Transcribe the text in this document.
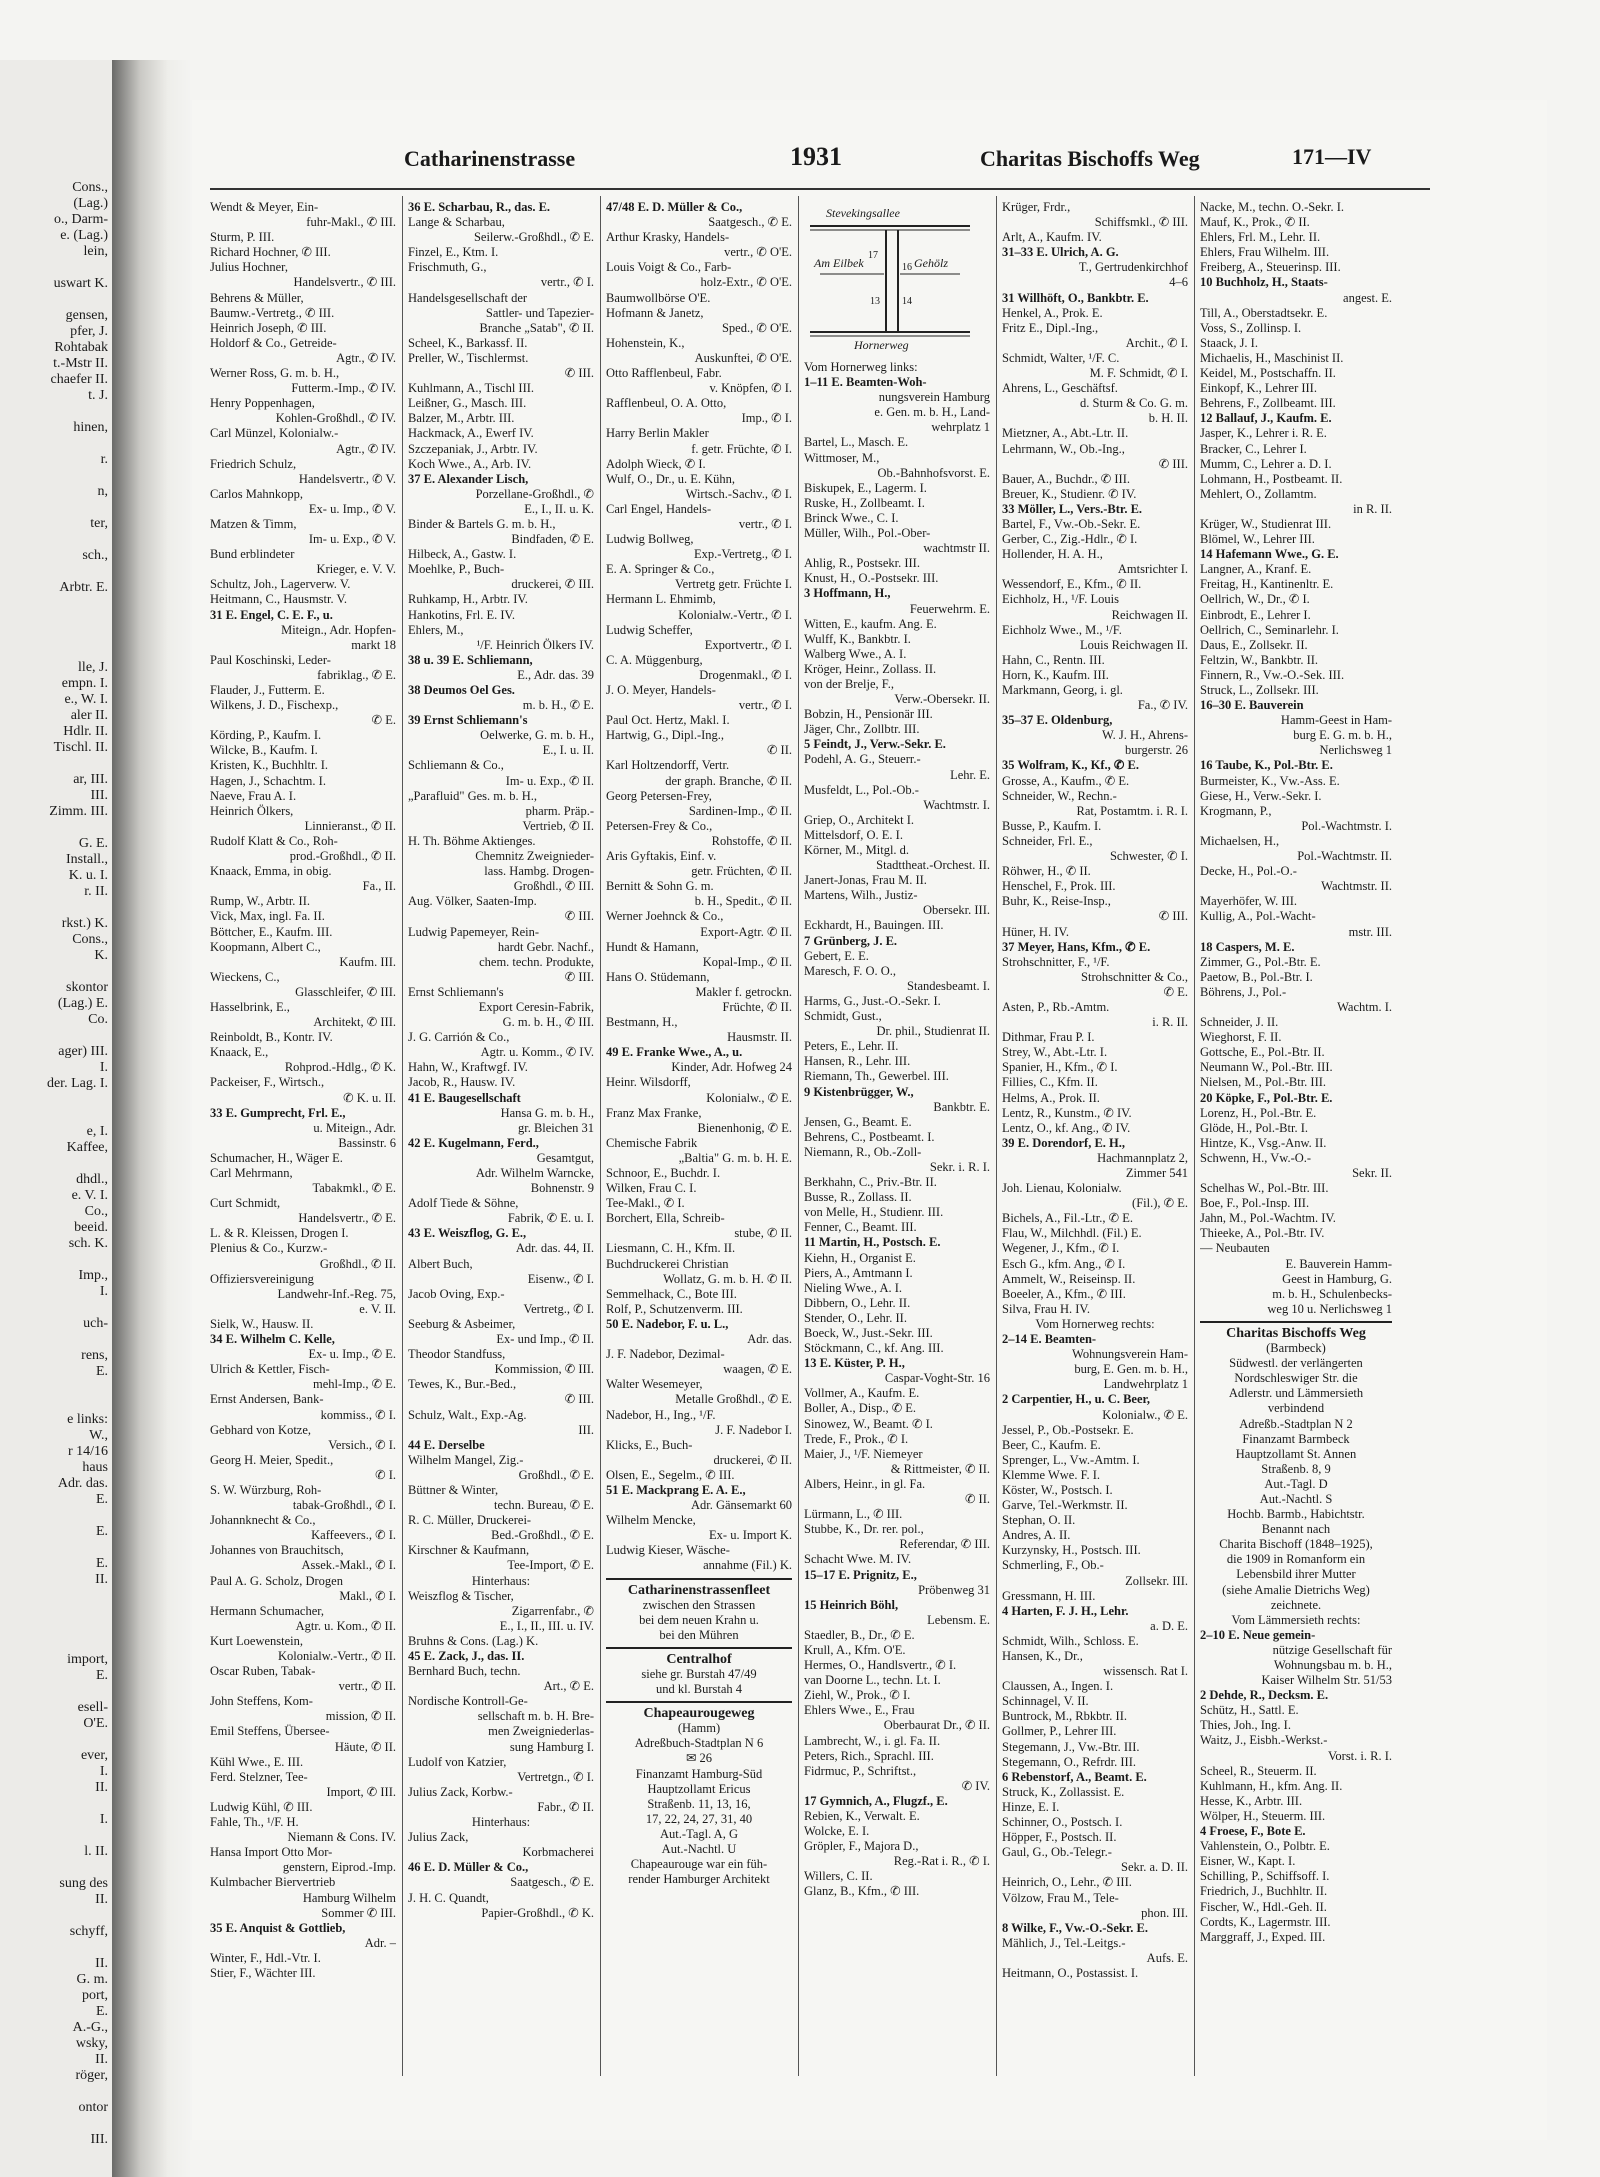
Cons.,
(Lag.)
o., Darm-
e. (Lag.)
lein,
uswart K.
gensen,
pfer, J.
Rohtabak
t.-Mstr II.
chaefer II.
t. J.
hinen,
r.
n,
ter,
sch.,
Arbtr. E.
lle, J.
empn. I.
e., W. I.
aler II.
Hdlr. II.
Tischl. II.
ar, III.
III.
Zimm. III.
G. E.
Install.,
K. u. I.
r. II.
rkst.) K.
Cons.,
K.
skontor
(Lag.) E.
Co.
ager) III.
I.
der. Lag. I.
e, I.
Kaffee,
dhdl.,
e. V. I.
Co.,
beeid.
sch. K.
Imp.,
I.
uch-
rens,
E.
e links:
W.,
r 14/16
haus
Adr. das.
E.
E.
E.
II.
import,
E.
esell-
O'E.
ever,
I.
II.
I.
l. II.
sung des
II.
schyff,
II.
G. m.
port,
E.
A.-G.,
wsky,
II.
röger,
ontor
III.
Catharinenstrasse	1931	Charitas Bischoffs Weg	171—IV
Wendt & Meyer, Ein-
fuhr-Makl., ✆ III.
Sturm, P. III.
Richard Hochner, ✆ III.
Julius Hochner,
Handelsvertr., ✆ III.
Behrens & Müller,
Baumw.-Vertretg., ✆ III.
Heinrich Joseph, ✆ III.
Holdorf & Co., Getreide-
Agtr., ✆ IV.
Werner Ross, G. m. b. H.,
Futterm.-Imp., ✆ IV.
Henry Poppenhagen,
Kohlen-Großhdl., ✆ IV.
Carl Münzel, Kolonialw.-
Agtr., ✆ IV.
Friedrich Schulz,
Handelsvertr., ✆ V.
Carlos Mahnkopp,
Ex- u. Imp., ✆ V.
Matzen & Timm,
Im- u. Exp., ✆ V.
Bund erblindeter
Krieger, e. V. V.
Schultz, Joh., Lagerverw. V.
Heitmann, C., Hausmstr. V.
31 E. Engel, C. E. F., u.
Miteign., Adr. Hopfen-
markt 18
Paul Koschinski, Leder-
fabriklag., ✆ E.
Flauder, J., Futterm. E.
Wilkens, J. D., Fischexp.,
✆ E.
Körding, P., Kaufm. I.
Wilcke, B., Kaufm. I.
Kristen, K., Buchhltr. I.
Hagen, J., Schachtm. I.
Naeve, Frau A. I.
Heinrich Ölkers,
Linnieranst., ✆ II.
Rudolf Klatt & Co., Roh-
prod.-Großhdl., ✆ II.
Knaack, Emma, in obig.
Fa., II.
Rump, W., Arbtr. II.
Vick, Max, ingl. Fa. II.
Böttcher, E., Kaufm. III.
Koopmann, Albert C.,
Kaufm. III.
Wieckens, C.,
Glasschleifer, ✆ III.
Hasselbrink, E.,
Architekt, ✆ III.
Reinboldt, B., Kontr. IV.
Knaack, E.,
Rohprod.-Hdlg., ✆ K.
Packeiser, F., Wirtsch.,
✆ K. u. II.
33 E. Gumprecht, Frl. E.,
u. Miteign., Adr.
Bassinstr. 6
Schumacher, H., Wäger E.
Carl Mehrmann,
Tabakmkl., ✆ E.
Curt Schmidt,
Handelsvertr., ✆ E.
L. & R. Kleissen, Drogen I.
Plenius & Co., Kurzw.-
Großhdl., ✆ II.
Offiziersvereinigung
Landwehr-Inf.-Reg. 75,
e. V. II.
Sielk, W., Hausw. II.
34 E. Wilhelm C. Kelle,
Ex- u. Imp., ✆ E.
Ulrich & Kettler, Fisch-
mehl-Imp., ✆ E.
Ernst Andersen, Bank-
kommiss., ✆ I.
Gebhard von Kotze,
Versich., ✆ I.
Georg H. Meier, Spedit.,
✆ I.
S. W. Würzburg, Roh-
tabak-Großhdl., ✆ I.
Johannknecht & Co.,
Kaffeevers., ✆ I.
Johannes von Brauchitsch,
Assek.-Makl., ✆ I.
Paul A. G. Scholz, Drogen
Makl., ✆ I.
Hermann Schumacher,
Agtr. u. Kom., ✆ II.
Kurt Loewenstein,
Kolonialw.-Vertr., ✆ II.
Oscar Ruben, Tabak-
vertr., ✆ II.
John Steffens, Kom-
mission, ✆ II.
Emil Steffens, Übersee-
Häute, ✆ II.
Kühl Wwe., E. III.
Ferd. Stelzner, Tee-
Import, ✆ III.
Ludwig Kühl, ✆ III.
Fahle, Th., ¹/F. H.
Niemann & Cons. IV.
Hansa Import Otto Mor-
genstern, Eiprod.-Imp.
Kulmbacher Biervertrieb
Hamburg Wilhelm
Sommer ✆ III.
35 E. Anquist & Gottlieb,
Adr. –
Winter, F., Hdl.-Vtr. I.
Stier, F., Wächter III.
36 E. Scharbau, R., das. E.
Lange & Scharbau,
Seilerw.-Großhdl., ✆ E.
Finzel, E., Ktm. I.
Frischmuth, G.,
vertr., ✆ I.
Handelsgesellschaft der
Sattler- und Tapezier-
Branche „Satab", ✆ II.
Scheel, K., Barkassf. II.
Preller, W., Tischlermst.
✆ III.
Kuhlmann, A., Tischl III.
Leißner, G., Masch. III.
Balzer, M., Arbtr. III.
Hackmack, A., Ewerf IV.
Szczepaniak, J., Arbtr. IV.
Koch Wwe., A., Arb. IV.
37 E. Alexander Lisch,
Porzellane-Großhdl., ✆
E., I., II. u. K.
Binder & Bartels G. m. b. H.,
Bindfaden, ✆ E.
Hilbeck, A., Gastw. I.
Moehlke, P., Buch-
druckerei, ✆ III.
Ruhkamp, H., Arbtr. IV.
Hankotins, Frl. E. IV.
Ehlers, M.,
¹/F. Heinrich Ölkers IV.
38 u. 39 E. Schliemann,
E., Adr. das. 39
38 Deumos Oel Ges.
m. b. H., ✆ E.
39 Ernst Schliemann's
Oelwerke, G. m. b. H.,
E., I. u. II.
Schliemann & Co.,
Im- u. Exp., ✆ II.
„Parafluid" Ges. m. b. H.,
pharm. Präp.-
Vertrieb, ✆ II.
H. Th. Böhme Aktienges.
Chemnitz Zweignieder-
lass. Hambg. Drogen-
Großhdl., ✆ III.
Aug. Völker, Saaten-Imp.
✆ III.
Ludwig Papemeyer, Rein-
hardt Gebr. Nachf.,
chem. techn. Produkte,
✆ III.
Ernst Schliemann's
Export Ceresin-Fabrik,
G. m. b. H., ✆ III.
J. G. Carrión & Co.,
Agtr. u. Komm., ✆ IV.
Hahn, W., Kraftwgf. IV.
Jacob, R., Hausw. IV.
41 E. Baugesellschaft
Hansa G. m. b. H.,
gr. Bleichen 31
42 E. Kugelmann, Ferd.,
Gesamtgut,
Adr. Wilhelm Warncke,
Bohnenstr. 9
Adolf Tiede & Söhne,
Fabrik, ✆ E. u. I.
43 E. Weiszflog, G. E.,
Adr. das. 44, II.
Albert Buch,
Eisenw., ✆ I.
Jacob Oving, Exp.-
Vertretg., ✆ I.
Seeburg & Asbeimer,
Ex- und Imp., ✆ II.
Theodor Standfuss,
Kommission, ✆ III.
Tewes, K., Bur.-Bed.,
✆ III.
Schulz, Walt., Exp.-Ag.
III.
44 E. Derselbe
Wilhelm Mangel, Zig.-
Großhdl., ✆ E.
Büttner & Winter,
techn. Bureau, ✆ E.
R. C. Müller, Druckerei-
Bed.-Großhdl., ✆ E.
Kirschner & Kaufmann,
Tee-Import, ✆ E.
Hinterhaus:
Weiszflog & Tischer,
Zigarrenfabr., ✆
E., I., II., III. u. IV.
Bruhns & Cons. (Lag.) K.
45 E. Zack, J., das. II.
Bernhard Buch, techn.
Art., ✆ E.
Nordische Kontroll-Ge-
sellschaft m. b. H. Bre-
men Zweigniederlas-
sung Hamburg I.
Ludolf von Katzier,
Vertretgn., ✆ I.
Julius Zack, Korbw.-
Fabr., ✆ II.
Hinterhaus:
Julius Zack,
Korbmacherei
46 E. D. Müller & Co.,
Saatgesch., ✆ E.
J. H. C. Quandt,
Papier-Großhdl., ✆ K.
47/48 E. D. Müller & Co.,
Saatgesch., ✆ E.
Arthur Krasky, Handels-
vertr., ✆ O'E.
Louis Voigt & Co., Farb-
holz-Extr., ✆ O'E.
Baumwollbörse O'E.
Hofmann & Janetz,
Sped., ✆ O'E.
Hohenstein, K.,
Auskunftei, ✆ O'E.
Otto Rafflenbeul, Fabr.
v. Knöpfen, ✆ I.
Rafflenbeul, O. A. Otto,
Imp., ✆ I.
Harry Berlin Makler
f. getr. Früchte, ✆ I.
Adolph Wieck, ✆ I.
Wulf, O., Dr., u. E. Kühn,
Wirtsch.-Sachv., ✆ I.
Carl Engel, Handels-
vertr., ✆ I.
Ludwig Bollweg,
Exp.-Vertretg., ✆ I.
E. A. Springer & Co.,
Vertretg getr. Früchte I.
Hermann L. Ehmimb,
Kolonialw.-Vertr., ✆ I.
Ludwig Scheffer,
Exportvertr., ✆ I.
C. A. Müggenburg,
Drogenmakl., ✆ I.
J. O. Meyer, Handels-
vertr., ✆ I.
Paul Oct. Hertz, Makl. I.
Hartwig, G., Dipl.-Ing.,
✆ II.
Karl Holtzendorff, Vertr.
der graph. Branche, ✆ II.
Georg Petersen-Frey,
Sardinen-Imp., ✆ II.
Petersen-Frey & Co.,
Rohstoffe, ✆ II.
Aris Gyftakis, Einf. v.
getr. Früchten, ✆ II.
Bernitt & Sohn G. m.
b. H., Spedit., ✆ II.
Werner Joehnck & Co.,
Export-Agtr. ✆ II.
Hundt & Hamann,
Kopal-Imp., ✆ II.
Hans O. Stüdemann,
Makler f. getrockn.
Früchte, ✆ II.
Bestmann, H.,
Hausmstr. II.
49 E. Franke Wwe., A., u.
Kinder, Adr. Hofweg 24
Heinr. Wilsdorff,
Kolonialw., ✆ E.
Franz Max Franke,
Bienenhonig, ✆ E.
Chemische Fabrik
„Baltia" G. m. b. H. E.
Schnoor, E., Buchdr. I.
Wilken, Frau C. I.
Tee-Makl., ✆ I.
Borchert, Ella, Schreib-
stube, ✆ II.
Liesmann, C. H., Kfm. II.
Buchdruckerei Christian
Wollatz, G. m. b. H. ✆ II.
Semmelhack, C., Bote III.
Rolf, P., Schutzenverm. III.
50 E. Nadebor, F. u. L.,
Adr. das.
J. F. Nadebor, Dezimal-
waagen, ✆ E.
Walter Wesemeyer,
Metalle Großhdl., ✆ E.
Nadebor, H., Ing., ¹/F.
J. F. Nadebor I.
Klicks, E., Buch-
druckerei, ✆ II.
Olsen, E., Segelm., ✆ III.
51 E. Mackprang E. A. E.,
Adr. Gänsemarkt 60
Wilhelm Mencke,
Ex- u. Import K.
Ludwig Kieser, Wäsche-
annahme (Fil.) K.
Catharinenstrassenfleet
zwischen den Strassen
bei dem neuen Krahn u.
bei den Mühren
Centralhof
siehe gr. Burstah 47/49
und kl. Burstah 4
Chapeaurougeweg
(Hamm)
Adreßbuch-Stadtplan N 6
✉ 26
Finanzamt Hamburg-Süd
Hauptzollamt Ericus
Straßenb. 11, 13, 16,
17, 22, 24, 27, 31, 40
Aut.-Tagl. A, G
Aut.-Nachtl. U
Chapeaurouge war ein füh-
render Hamburger Architekt
Stevekingsallee
Am Eilbek	Gehölz
Hornerweg
17
16
13 14
Vom Hornerweg links:
1–11 E. Beamten-Woh-
nungsverein Hamburg
e. Gen. m. b. H., Land-
wehrplatz 1
Bartel, L., Masch. E.
Wittmoser, M.,
Ob.-Bahnhofsvorst. E.
Biskupek, E., Lagerm. I.
Ruske, H., Zollbeamt. I.
Brinck Wwe., C. I.
Müller, Wilh., Pol.-Ober-
wachtmstr II.
Ahlig, R., Postsekr. III.
Knust, H., O.-Postsekr. III.
3 Hoffmann, H.,
Feuerwehrm. E.
Witten, E., kaufm. Ang. E.
Wulff, K., Bankbtr. I.
Walberg Wwe., A. I.
Kröger, Heinr., Zollass. II.
von der Brelje, F.,
Verw.-Obersekr. II.
Bobzin, H., Pensionär III.
Jäger, Chr., Zollbtr. III.
5 Feindt, J., Verw.-Sekr. E.
Podehl, A. G., Steuerr.-
Lehr. E.
Musfeldt, L., Pol.-Ob.-
Wachtmstr. I.
Griep, O., Architekt I.
Mittelsdorf, O. E. I.
Körner, M., Mitgl. d.
Stadttheat.-Orchest. II.
Janert-Jonas, Frau M. II.
Martens, Wilh., Justiz-
Obersekr. III.
Eckhardt, H., Bauingen. III.
7 Grünberg, J. E.
Gebert, E. E.
Maresch, F. O. O.,
Standesbeamt. I.
Harms, G., Just.-O.-Sekr. I.
Schmidt, Gust.,
Dr. phil., Studienrat II.
Peters, E., Lehr. II.
Hansen, R., Lehr. III.
Riemann, Th., Gewerbel. III.
9 Kistenbrügger, W.,
Bankbtr. E.
Jensen, G., Beamt. E.
Behrens, C., Postbeamt. I.
Niemann, R., Ob.-Zoll-
Sekr. i. R. I.
Berkhahn, C., Priv.-Btr. II.
Busse, R., Zollass. II.
von Melle, H., Studienr. III.
Fenner, C., Beamt. III.
11 Martin, H., Postsch. E.
Kiehn, H., Organist E.
Piers, A., Amtmann I.
Nieling Wwe., A. I.
Dibbern, O., Lehr. II.
Stender, O., Lehr. II.
Boeck, W., Just.-Sekr. III.
Stöckmann, C., kf. Ang. III.
13 E. Küster, P. H.,
Caspar-Voght-Str. 16
Vollmer, A., Kaufm. E.
Boller, A., Disp., ✆ E.
Sinowez, W., Beamt. ✆ I.
Trede, F., Prok., ✆ I.
Maier, J., ¹/F. Niemeyer
& Rittmeister, ✆ II.
Albers, Heinr., in gl. Fa.
✆ II.
Lürmann, L., ✆ III.
Stubbe, K., Dr. rer. pol.,
Referendar, ✆ III.
Schacht Wwe. M. IV.
15–17 E. Prignitz, E.,
Pröbenweg 31
15 Heinrich Böhl,
Lebensm. E.
Staedler, B., Dr., ✆ E.
Krull, A., Kfm. O'E.
Hermes, O., Handlsvertr., ✆ I.
van Doorne L., techn. Lt. I.
Ziehl, W., Prok., ✆ I.
Ehlers Wwe., E., Frau
Oberbaurat Dr., ✆ II.
Lambrecht, W., i. gl. Fa. II.
Peters, Rich., Sprachl. III.
Fidrmuc, P., Schriftst.,
✆ IV.
17 Gymnich, A., Flugzf., E.
Rebien, K., Verwalt. E.
Wolcke, E. I.
Gröpler, F., Majora D.,
Reg.-Rat i. R., ✆ I.
Willers, C. II.
Glanz, B., Kfm., ✆ III.
Krüger, Frdr.,
Schiffsmkl., ✆ III.
Arlt, A., Kaufm. IV.
31–33 E. Ulrich, A. G.
T., Gertrudenkirchhof
4–6
31 Willhöft, O., Bankbtr. E.
Henkel, A., Prok. E.
Fritz E., Dipl.-Ing.,
Archit., ✆ I.
Schmidt, Walter, ¹/F. C.
M. F. Schmidt, ✆ I.
Ahrens, L., Geschäftsf.
d. Sturm & Co. G. m.
b. H. II.
Mietzner, A., Abt.-Ltr. II.
Lehrmann, W., Ob.-Ing.,
✆ III.
Bauer, A., Buchdr., ✆ III.
Breuer, K., Studienr. ✆ IV.
33 Möller, L., Vers.-Btr. E.
Bartel, F., Vw.-Ob.-Sekr. E.
Gerber, C., Zig.-Hdlr., ✆ I.
Hollender, H. A. H.,
Amtsrichter I.
Wessendorf, E., Kfm., ✆ II.
Eichholz, H., ¹/F. Louis
Reichwagen II.
Eichholz Wwe., M., ¹/F.
Louis Reichwagen II.
Hahn, C., Rentn. III.
Horn, K., Kaufm. III.
Markmann, Georg, i. gl.
Fa., ✆ IV.
35–37 E. Oldenburg,
W. J. H., Ahrens-
burgerstr. 26
35 Wolfram, K., Kf., ✆ E.
Grosse, A., Kaufm., ✆ E.
Schneider, W., Rechn.-
Rat, Postamtm. i. R. I.
Busse, P., Kaufm. I.
Schneider, Frl. E.,
Schwester, ✆ I.
Röhwer, H., ✆ II.
Henschel, F., Prok. III.
Buhr, K., Reise-Insp.,
✆ III.
Hüner, H. IV.
37 Meyer, Hans, Kfm., ✆ E.
Strohschnitter, F., ¹/F.
Strohschnitter & Co.,
✆ E.
Asten, P., Rb.-Amtm.
i. R. II.
Dithmar, Frau P. I.
Strey, W., Abt.-Ltr. I.
Spanier, H., Kfm., ✆ I.
Fillies, C., Kfm. II.
Helms, A., Prok. II.
Lentz, R., Kunstm., ✆ IV.
Lentz, O., kf. Ang., ✆ IV.
39 E. Dorendorf, E. H.,
Hachmannplatz 2,
Zimmer 541
Joh. Lienau, Kolonialw.
(Fil.), ✆ E.
Bichels, A., Fil.-Ltr., ✆ E.
Flau, W., Milchhdl. (Fil.) E.
Wegener, J., Kfm., ✆ I.
Esch G., kfm. Ang., ✆ I.
Ammelt, W., Reiseinsp. II.
Boeeler, A., Kfm., ✆ III.
Silva, Frau H. IV.
Vom Hornerweg rechts:
2–14 E. Beamten-
Wohnungsverein Ham-
burg, E. Gen. m. b. H.,
Landwehrplatz 1
2 Carpentier, H., u. C. Beer,
Kolonialw., ✆ E.
Jessel, P., Ob.-Postsekr. E.
Beer, C., Kaufm. E.
Sprenger, L., Vw.-Amtm. I.
Klemme Wwe. F. I.
Köster, W., Postsch. I.
Garve, Tel.-Werkmstr. II.
Stephan, O. II.
Andres, A. II.
Kurzynsky, H., Postsch. III.
Schmerling, F., Ob.-
Zollsekr. III.
Gressmann, H. III.
4 Harten, F. J. H., Lehr.
a. D. E.
Schmidt, Wilh., Schloss. E.
Hansen, K., Dr.,
wissensch. Rat I.
Claussen, A., Ingen. I.
Schinnagel, V. II.
Buntrock, M., Rbkbtr. II.
Gollmer, P., Lehrer III.
Stegemann, J., Vw.-Btr. III.
Stegemann, O., Refrdr. III.
6 Rebenstorf, A., Beamt. E.
Struck, K., Zollassist. E.
Hinze, E. I.
Schinner, O., Postsch. I.
Höpper, F., Postsch. II.
Gaul, G., Ob.-Telegr.-
Sekr. a. D. II.
Heinrich, O., Lehr., ✆ III.
Völzow, Frau M., Tele-
phon. III.
8 Wilke, F., Vw.-O.-Sekr. E.
Mählich, J., Tel.-Leitgs.-
Aufs. E.
Heitmann, O., Postassist. I.
Nacke, M., techn. O.-Sekr. I.
Mauf, K., Prok., ✆ II.
Ehlers, Frl. M., Lehr. II.
Ehlers, Frau Wilhelm. III.
Freiberg, A., Steuerinsp. III.
10 Buchholz, H., Staats-
angest. E.
Till, A., Oberstadtsekr. E.
Voss, S., Zollinsp. I.
Staack, J. I.
Michaelis, H., Maschinist II.
Keidel, M., Postschaffn. II.
Einkopf, K., Lehrer III.
Behrens, F., Zollbeamt. III.
12 Ballauf, J., Kaufm. E.
Jasper, K., Lehrer i. R. E.
Bracker, C., Lehrer I.
Mumm, C., Lehrer a. D. I.
Lohmann, H., Postbeamt. II.
Mehlert, O., Zollamtm.
in R. II.
Krüger, W., Studienrat III.
Blömel, W., Lehrer III.
14 Hafemann Wwe., G. E.
Langner, A., Kranf. E.
Freitag, H., Kantinenltr. E.
Oellrich, W., Dr., ✆ I.
Einbrodt, E., Lehrer I.
Oellrich, C., Seminarlehr. I.
Daus, E., Zollsekr. II.
Feltzin, W., Bankbtr. II.
Finnern, R., Vw.-O.-Sek. III.
Struck, L., Zollsekr. III.
16–30 E. Bauverein
Hamm-Geest in Ham-
burg E. G. m. b. H.,
Nerlichsweg 1
16 Taube, K., Pol.-Btr. E.
Burmeister, K., Vw.-Ass. E.
Giese, H., Verw.-Sekr. I.
Krogmann, P.,
Pol.-Wachtmstr. I.
Michaelsen, H.,
Pol.-Wachtmstr. II.
Decke, H., Pol.-O.-
Wachtmstr. II.
Mayerhöfer, W. III.
Kullig, A., Pol.-Wacht-
mstr. III.
18 Caspers, M. E.
Zimmer, G., Pol.-Btr. E.
Paetow, B., Pol.-Btr. I.
Böhrens, J., Pol.-
Wachtm. I.
Schneider, J. II.
Wieghorst, F. II.
Gottsche, E., Pol.-Btr. II.
Neumann W., Pol.-Btr. III.
Nielsen, M., Pol.-Btr. III.
20 Köpke, F., Pol.-Btr. E.
Lorenz, H., Pol.-Btr. E.
Glöde, H., Pol.-Btr. I.
Hintze, K., Vsg.-Anw. II.
Schwenn, H., Vw.-O.-
Sekr. II.
Schelhas W., Pol.-Btr. III.
Boe, F., Pol.-Insp. III.
Jahn, M., Pol.-Wachtm. IV.
Thieeke, A., Pol.-Btr. IV.
— Neubauten
E. Bauverein Hamm-
Geest in Hamburg, G.
m. b. H., Schulenbecks-
weg 10 u. Nerlichsweg 1
Charitas Bischoffs Weg
(Barmbeck)
Südwestl. der verlängerten
Nordschleswiger Str. die
Adlerstr. und Lämmersieth
verbindend
Adreßb.-Stadtplan N 2
Finanzamt Barmbeck
Hauptzollamt St. Annen
Straßenb. 8, 9
Aut.-Tagl. D
Aut.-Nachtl. S
Hochb. Barmb., Habichtstr.
Benannt nach
Charita Bischoff (1848–1925),
die 1909 in Romanform ein
Lebensbild ihrer Mutter
(siehe Amalie Dietrichs Weg)
zeichnete.
Vom Lämmersieth rechts:
2–10 E. Neue gemein-
nützige Gesellschaft für
Wohnungsbau m. b. H.,
Kaiser Wilhelm Str. 51/53
2 Dehde, R., Decksm. E.
Schütz, H., Sattl. E.
Thies, Joh., Ing. I.
Waitz, J., Eisbh.-Werkst.-
Vorst. i. R. I.
Scheel, R., Steuerm. II.
Kuhlmann, H., kfm. Ang. II.
Hesse, K., Arbtr. III.
Wölper, H., Steuerm. III.
4 Froese, F., Bote E.
Vahlenstein, O., Polbtr. E.
Eisner, W., Kapt. I.
Schilling, P., Schiffsoff. I.
Friedrich, J., Buchhltr. II.
Fischer, W., Hdl.-Geh. II.
Cordts, K., Lagermstr. III.
Marggraff, J., Exped. III.
